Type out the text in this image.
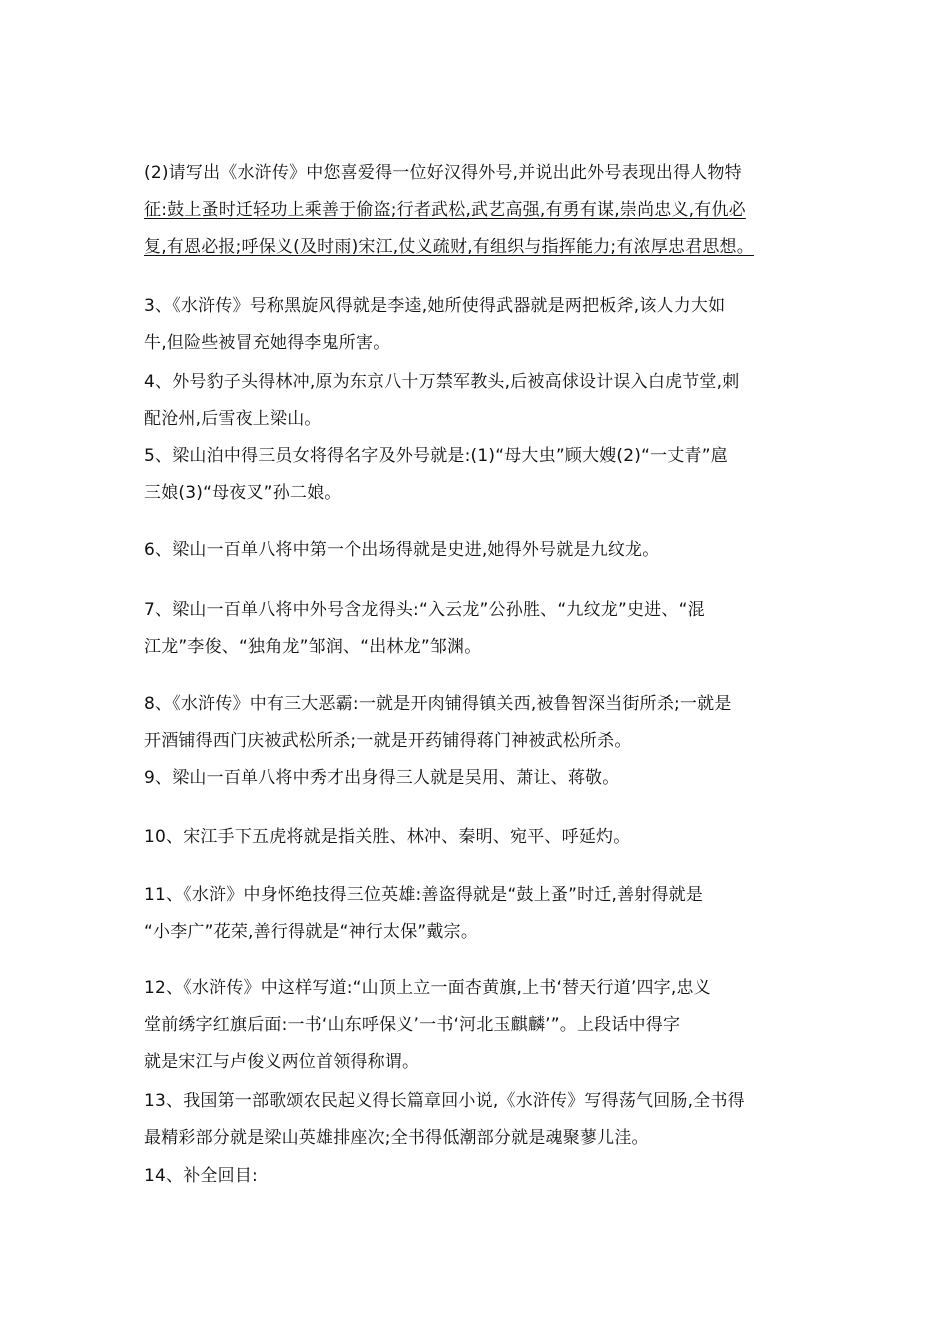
(2)请写出《水浒传》中您喜爱得一位好汉得外号,并说出此外号表现出得人物特
征:鼓上蚤时迁轻功上乘善于偷盗;行者武松,武艺高强,有勇有谋,崇尚忠义,有仇必
复,有恩必报;呼保义(及时雨)宋江,仗义疏财,有组织与指挥能力;有浓厚忠君思想。
3、《水浒传》号称黑旋风得就是李逵,她所使得武器就是两把板斧,该人力大如
牛,但险些被冒充她得李鬼所害。
4、外号豹子头得林冲,原为东京八十万禁军教头,后被高俅设计误入白虎节堂,刺
配沧州,后雪夜上梁山。
5、梁山泊中得三员女将得名字及外号就是:(1)“母大虫”顾大嫂(2)“一丈青”扈
三娘(3)“母夜叉”孙二娘。
6、梁山一百单八将中第一个出场得就是史进,她得外号就是九纹龙。
7、梁山一百单八将中外号含龙得头:“入云龙”公孙胜、“九纹龙”史进、“混
江龙”李俊、“独角龙”邹润、“出林龙”邹渊。
8、《水浒传》中有三大恶霸:一就是开肉铺得镇关西,被鲁智深当街所杀;一就是
开酒铺得西门庆被武松所杀;一就是开药铺得蒋门神被武松所杀。
9、梁山一百单八将中秀才出身得三人就是吴用、萧让、蒋敬。
10、宋江手下五虎将就是指关胜、林冲、秦明、宛平、呼延灼。
11、《水浒》中身怀绝技得三位英雄:善盗得就是“鼓上蚤”时迁,善射得就是
“小李广”花荣,善行得就是“神行太保”戴宗。
12、《水浒传》中这样写道:“山顶上立一面杏黄旗,上书‘替天行道’四字,忠义
堂前绣字红旗后面:一书‘山东呼保义’一书‘河北玉麒麟’”。上段话中得字
就是宋江与卢俊义两位首领得称谓。
13、我国第一部歌颂农民起义得长篇章回小说,《水浒传》写得荡气回肠,全书得
最精彩部分就是梁山英雄排座次;全书得低潮部分就是魂聚蓼儿洼。
14、补全回目:
